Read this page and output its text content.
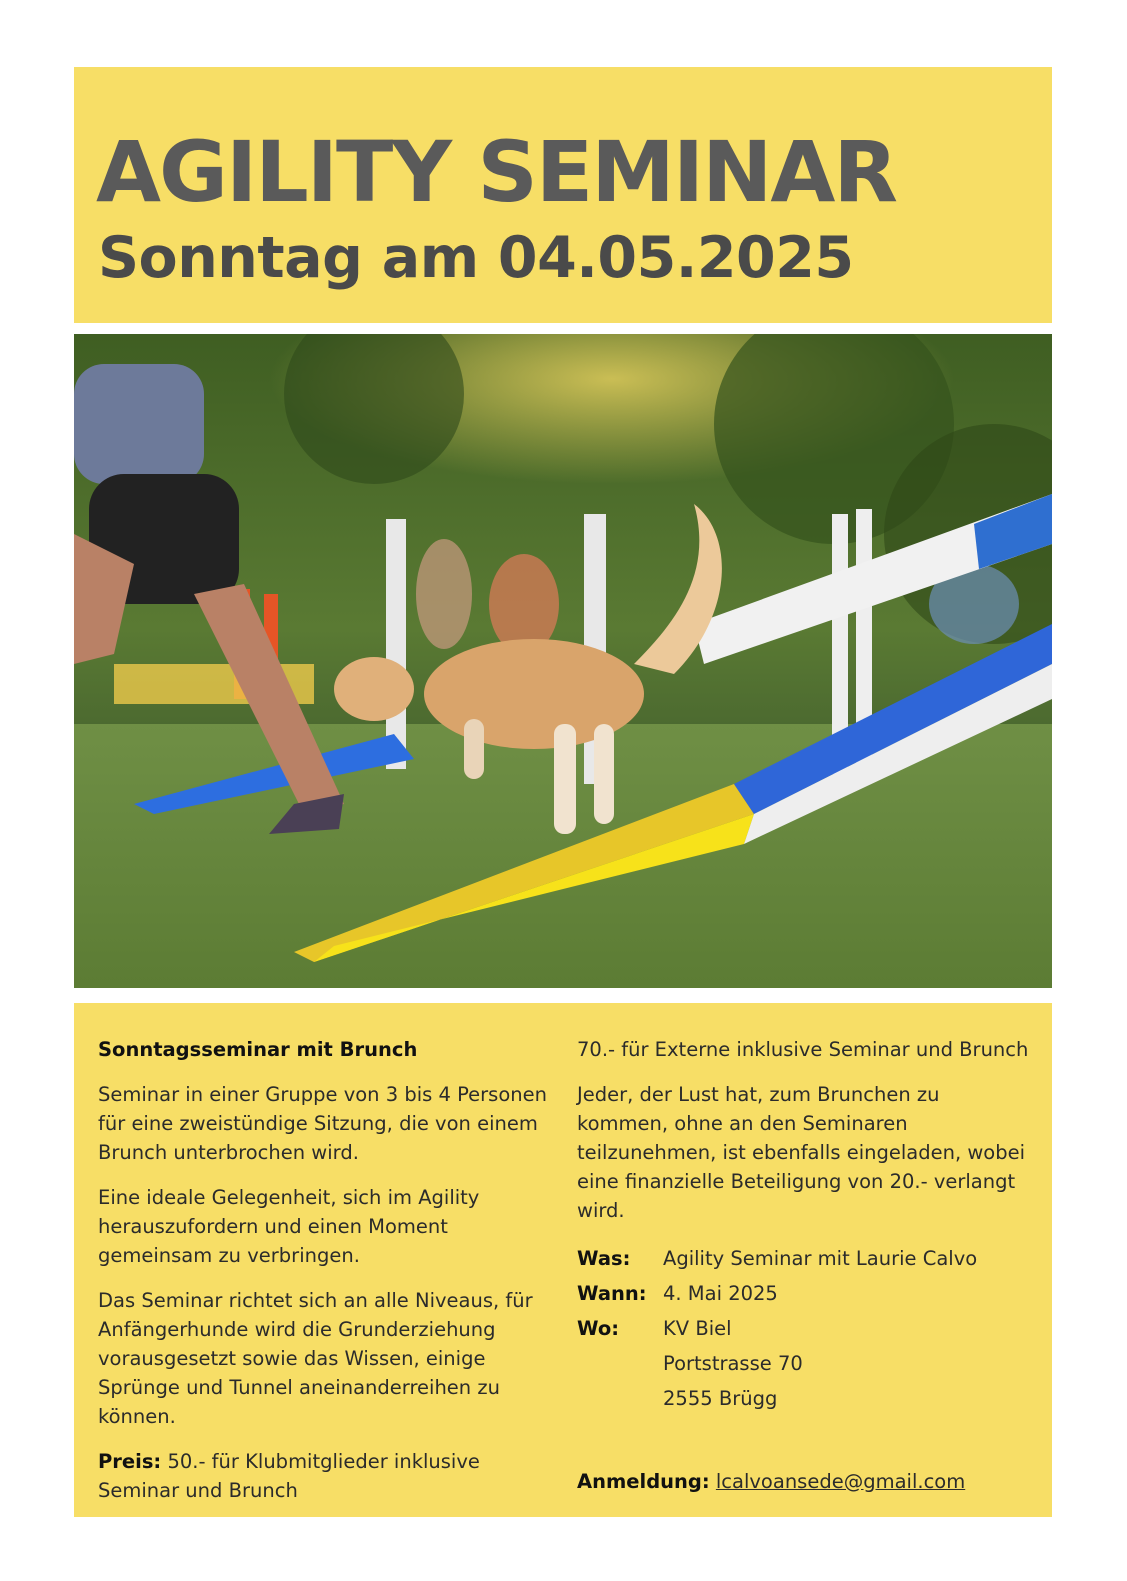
AGILITY SEMINAR
Sonntag am 04.05.2025

Sonntagsseminar mit Brunch

Seminar in einer Gruppe von 3 bis 4 Personen für eine zweistündige Sitzung, die von einem Brunch unterbrochen wird.

Eine ideale Gelegenheit, sich im Agility herauszufordern und einen Moment gemeinsam zu verbringen.

Das Seminar richtet sich an alle Niveaus, für Anfängerhunde wird die Grunderziehung vorausgesetzt sowie das Wissen, einige Sprünge und Tunnel aneinanderreihen zu können.

Preis: 50.- für Klubmitglieder inklusive Seminar und Brunch

70.- für Externe inklusive Seminar und Brunch

Jeder, der Lust hat, zum Brunchen zu kommen, ohne an den Seminaren teilzunehmen, ist ebenfalls eingeladen, wobei eine finanzielle Beteiligung von 20.- verlangt wird.

Was:	Agility Seminar mit Laurie Calvo
Wann: 4. Mai 2025
Wo:	KV Biel
Portstrasse 70
2555 Brügg
Anmeldung: lcalvoansede@gmail.com
